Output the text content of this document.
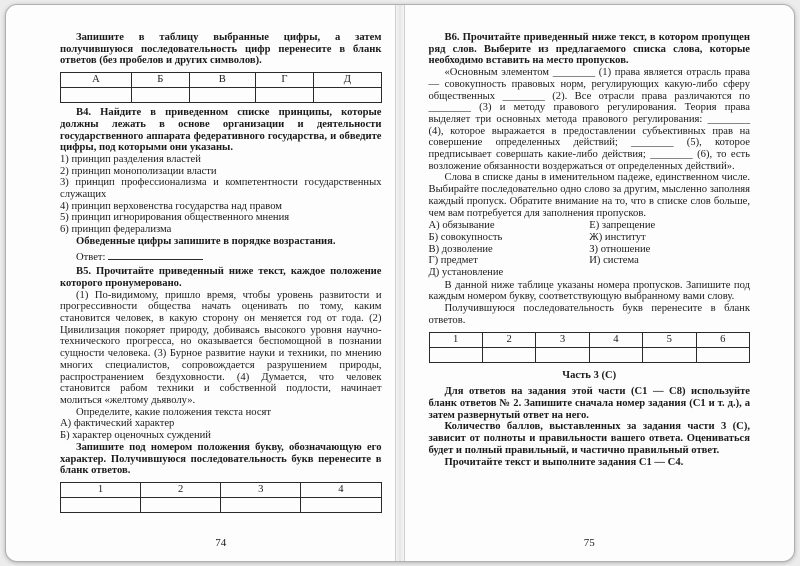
Запишите в таблицу выбранные цифры, а затем получившуюся последовательность цифр перенесите в бланк ответов (без пробелов и других символов).

А	Б	В	Г	Д

В4. Найдите в приведенном списке принципы, которые должны лежать в основе организации и деятельности государственного аппарата федеративного государства, и обведите цифры, под которыми они указаны.

1) принцип разделения властей

2) принцип монополизации власти

3) принцип профессионализма и компетентности государственных служащих

4) принцип верховенства государства над правом

5) принцип игнорирования общественного мнения

6) принцип федерализма

Обведенные цифры запишите в порядке возрастания.

Ответ:

В5. Прочитайте приведенный ниже текст, каждое положение которого пронумеровано.

(1) По-видимому, пришло время, чтобы уровень развитости и прогрессивности общества начать оценивать по тому, каким становится человек, в какую сторону он меняется год от года. (2) Цивилизация покоряет природу, добиваясь высокого уровня научно-технического прогресса, но оказывается беспомощной в познании сущности человека. (3) Бурное развитие науки и техники, по мнению многих специалистов, сопровождается разрушением природы, распространением бездуховности. (4) Думается, что человек становится рабом техники и собственной подлости, начинает молиться «желтому дьяволу».

Определите, какие положения текста носят

А) фактический характер

Б) характер оценочных суждений

Запишите под номером положения букву, обозначающую его характер. Получившуюся последовательность букв перенесите в бланк ответов.

1	2	3	4

74

В6. Прочитайте приведенный ниже текст, в котором пропущен ряд слов. Выберите из предлагаемого списка слова, которые необходимо вставить на место пропусков.

«Основным элементом ________ (1) права является отрасль права — совокупность правовых норм, регулирующих какую-либо сферу общественных ________ (2). Все отрасли права различаются по ________ (3) и методу правового регулирования. Теория права выделяет три основных метода правового регулирования: ________ (4), которое выражается в предоставлении субъективных прав на совершение определенных действий; ________ (5), которое предписывает совершать какие-либо действия; ________ (6), то есть возложение обязанности воздержаться от определенных действий».

Слова в списке даны в именительном падеже, единственном числе. Выбирайте последовательно одно слово за другим, мысленно заполняя каждый пропуск. Обратите внимание на то, что в списке слов больше, чем вам потребуется для заполнения пропусков.

А) обязывание

Б) совокупность

В) дозволение

Г) предмет

Д) установление

Е) запрещение

Ж) институт

З) отношение

И) система

В данной ниже таблице указаны номера пропусков. Запишите под каждым номером букву, соответствующую выбранному вами слову.

Получившуюся последовательность букв перенесите в бланк ответов.

1	2	3	4	5	6

Часть 3 (С)

Для ответов на задания этой части (С1 — С8) используйте бланк ответов № 2. Запишите сначала номер задания (С1 и т. д.), а затем развернутый ответ на него.

Количество баллов, выставленных за задания части 3 (С), зависит от полноты и правильности вашего ответа. Оцениваться будет и полный правильный, и частично правильный ответ.

Прочитайте текст и выполните задания С1 — С4.

75
